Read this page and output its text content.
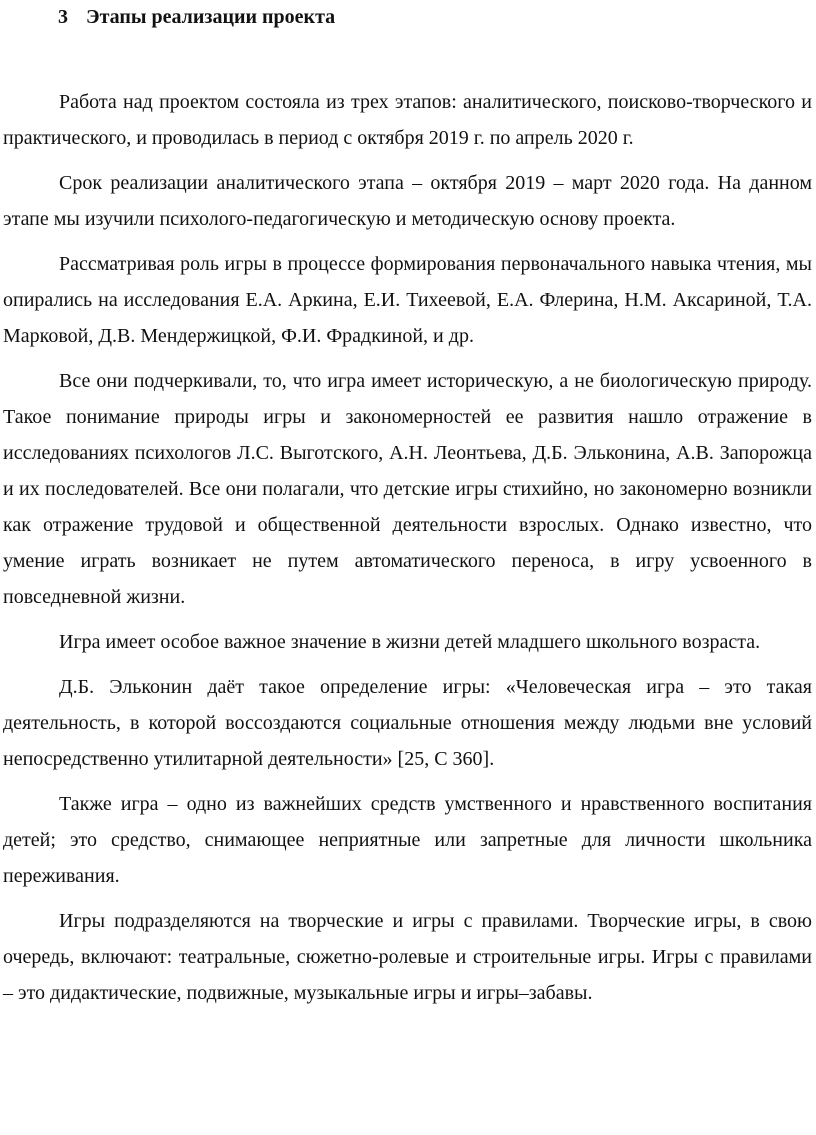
3 Этапы реализации проекта

Работа над проектом состояла из трех этапов: аналитического, поисково-творческого и практического, и проводилась в период с октября 2019 г. по апрель 2020 г.

Срок реализации аналитического этапа – октября 2019 – март 2020 года. На данном этапе мы изучили психолого-педагогическую и методическую основу проекта.

Рассматривая роль игры в процессе формирования первоначального навыка чтения, мы опирались на исследования Е.А. Аркина, Е.И. Тихеевой, Е.А. Флерина, Н.М. Аксариной, Т.А. Марковой, Д.В. Мендержицкой, Ф.И. Фрадкиной, и др.

Все они подчеркивали, то, что игра имеет историческую, а не биологическую природу. Такое понимание природы игры и закономерностей ее развития нашло отражение в исследованиях психологов Л.С. Выготского, А.Н. Леонтьева, Д.Б. Эльконина, А.В. Запорожца и их последователей. Все они полагали, что детские игры стихийно, но закономерно возникли как отражение трудовой и общественной деятельности взрослых. Однако известно, что умение играть возникает не путем автоматического переноса, в игру усвоенного в повседневной жизни.

Игра имеет особое важное значение в жизни детей младшего школьного возраста.

Д.Б. Эльконин даёт такое определение игры: «Человеческая игра – это такая деятельность, в которой воссоздаются социальные отношения между людьми вне условий непосредственно утилитарной деятельности» [25, С 360].

Также игра – одно из важнейших средств умственного и нравственного воспитания детей; это средство, снимающее неприятные или запретные для личности школьника переживания.

Игры подразделяются на творческие и игры с правилами. Творческие игры, в свою очередь, включают: театральные, сюжетно-ролевые и строительные игры. Игры с правилами – это дидактические, подвижные, музыкальные игры и игры–забавы.
